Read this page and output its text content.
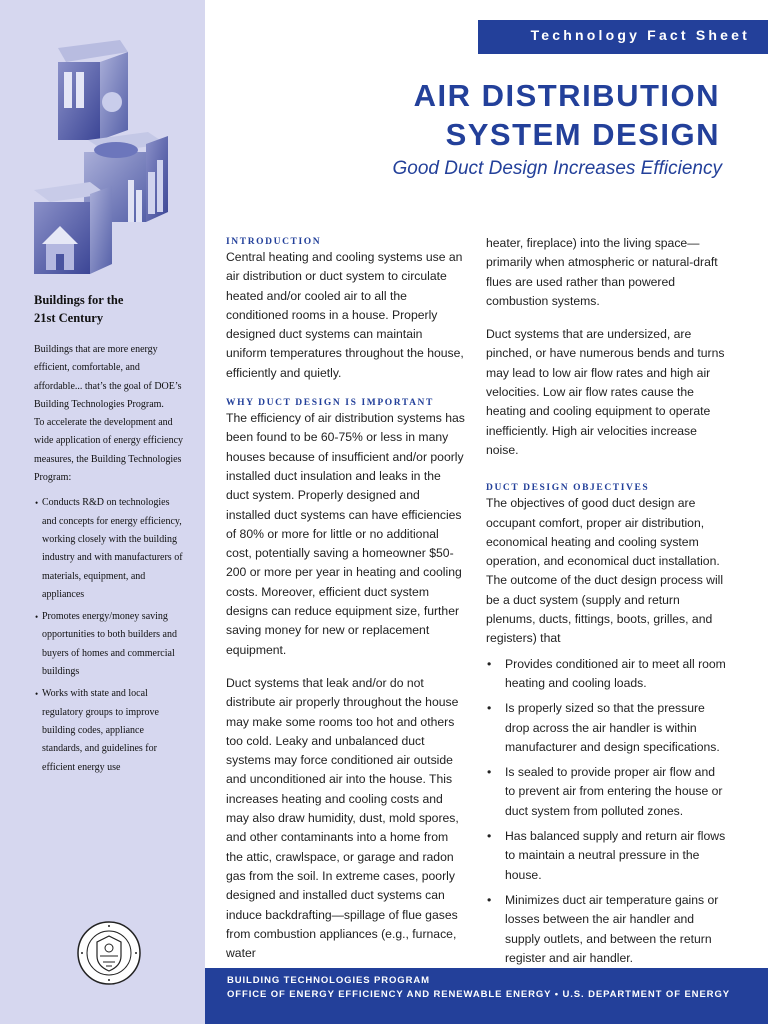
Buildings for the
21st Century
Buildings that are more energy efficient, comfortable, and affordable... that’s the goal of DOE’s Building Technologies Program.
To accelerate the development and wide application of energy efficiency measures, the Building Technologies Program:
• Conducts R&D on technologies and concepts for energy efficiency, working closely with the building industry and with manufacturers of materials, equipment, and appliances
• Promotes energy/money saving opportunities to both builders and buyers of homes and commercial buildings
• Works with state and local regulatory groups to improve building codes, appliance standards, and guidelines for efficient energy use
Technology Fact Sheet
AIR DISTRIBUTION
SYSTEM DESIGN
Good Duct Design Increases Efficiency
INTRODUCTION

Central heating and cooling systems use an air distribution or duct system to circulate heated and/or cooled air to all the conditioned rooms in a house. Properly designed duct systems can maintain uniform temperatures throughout the house, efficiently and quietly.

WHY DUCT DESIGN IS IMPORTANT

The efficiency of air distribution systems has been found to be 60-75% or less in many houses because of insufficient and/or poorly installed duct insulation and leaks in the duct system. Properly designed and installed duct systems can have efficiencies of 80% or more for little or no additional cost, potentially saving a homeowner $50-200 or more per year in heating and cooling costs. Moreover, efficient duct system designs can reduce equipment size, further saving money for new or replacement equipment.

Duct systems that leak and/or do not distribute air properly throughout the house may make some rooms too hot and others too cold. Leaky and unbalanced duct systems may force conditioned air outside and unconditioned air into the house. This increases heating and cooling costs and may also draw humidity, dust, mold spores, and other contaminants into a home from the attic, crawlspace, or garage and radon gas from the soil. In extreme cases, poorly designed and installed duct systems can induce backdrafting—spillage of flue gases from combustion appliances (e.g., furnace, water

heater, fireplace) into the living space—primarily when atmospheric or natural-draft flues are used rather than powered combustion systems.

Duct systems that are undersized, are pinched, or have numerous bends and turns may lead to low air flow rates and high air velocities. Low air flow rates cause the heating and cooling equipment to operate inefficiently. High air velocities increase noise.

DUCT DESIGN OBJECTIVES

The objectives of good duct design are occupant comfort, proper air distribution, economical heating and cooling system operation, and economical duct installation. The outcome of the duct design process will be a duct system (supply and return plenums, ducts, fittings, boots, grilles, and registers) that

• Provides conditioned air to meet all room heating and cooling loads.
• Is properly sized so that the pressure drop across the air handler is within manufacturer and design specifications.
• Is sealed to provide proper air flow and to prevent air from entering the house or duct system from polluted zones.
• Has balanced supply and return air flows to maintain a neutral pressure in the house.
• Minimizes duct air temperature gains or losses between the air handler and supply outlets, and between the return register and air handler.
BUILDING TECHNOLOGIES PROGRAM
OFFICE OF ENERGY EFFICIENCY AND RENEWABLE ENERGY • U.S. DEPARTMENT OF ENERGY
